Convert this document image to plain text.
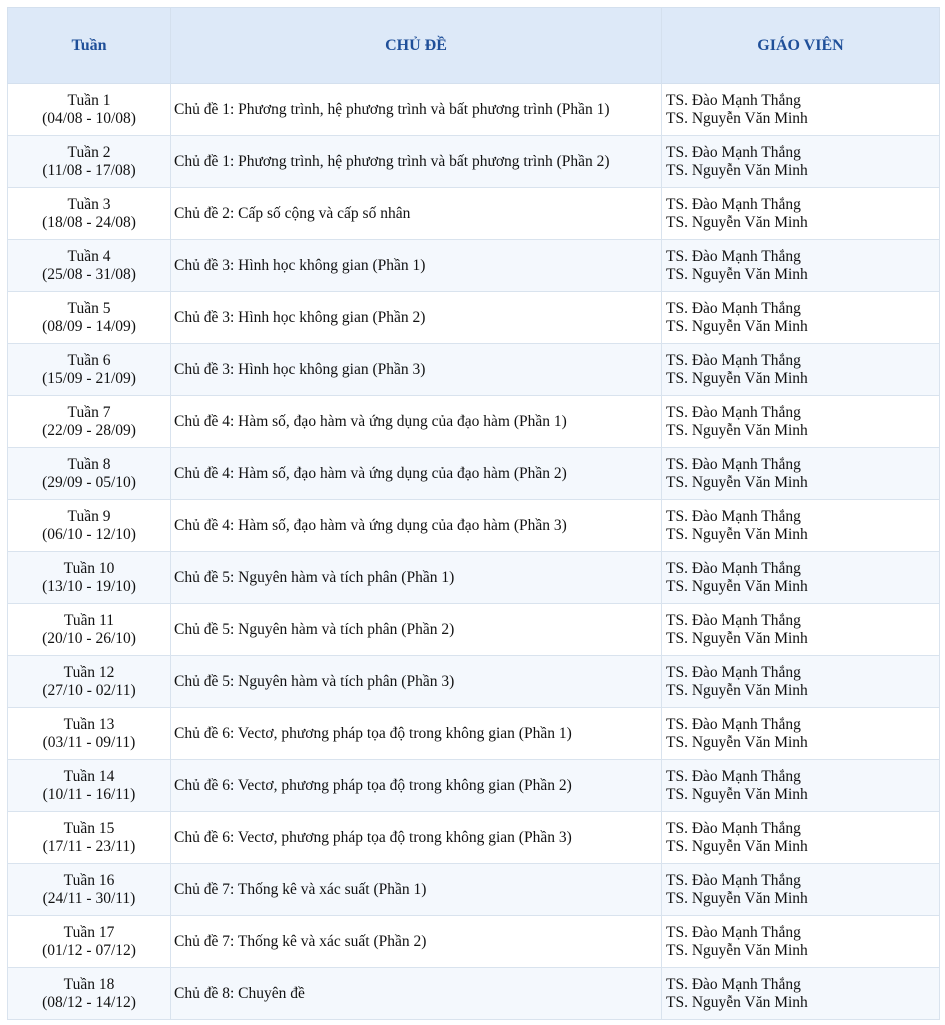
Tuần	CHỦ ĐỀ	GIÁO VIÊN

Tuần 1
(04/08 - 10/08)	Chủ đề 1: Phương trình, hệ phương trình và bất phương trình (Phần 1)	TS. Đào Mạnh Thắng
TS. Nguyễn Văn Minh

Tuần 2
(11/08 - 17/08)	Chủ đề 1: Phương trình, hệ phương trình và bất phương trình (Phần 2)	TS. Đào Mạnh Thắng
TS. Nguyễn Văn Minh

Tuần 3
(18/08 - 24/08)	Chủ đề 2: Cấp số cộng và cấp số nhân	TS. Đào Mạnh Thắng
TS. Nguyễn Văn Minh

Tuần 4
(25/08 - 31/08)	Chủ đề 3: Hình học không gian (Phần 1)	TS. Đào Mạnh Thắng
TS. Nguyễn Văn Minh

Tuần 5
(08/09 - 14/09)	Chủ đề 3: Hình học không gian (Phần 2)	TS. Đào Mạnh Thắng
TS. Nguyễn Văn Minh

Tuần 6
(15/09 - 21/09)	Chủ đề 3: Hình học không gian (Phần 3)	TS. Đào Mạnh Thắng
TS. Nguyễn Văn Minh

Tuần 7
(22/09 - 28/09)	Chủ đề 4: Hàm số, đạo hàm và ứng dụng của đạo hàm (Phần 1)	TS. Đào Mạnh Thắng
TS. Nguyễn Văn Minh

Tuần 8
(29/09 - 05/10)	Chủ đề 4: Hàm số, đạo hàm và ứng dụng của đạo hàm (Phần 2)	TS. Đào Mạnh Thắng
TS. Nguyễn Văn Minh

Tuần 9
(06/10 - 12/10)	Chủ đề 4: Hàm số, đạo hàm và ứng dụng của đạo hàm (Phần 3)	TS. Đào Mạnh Thắng
TS. Nguyễn Văn Minh

Tuần 10
(13/10 - 19/10)	Chủ đề 5: Nguyên hàm và tích phân (Phần 1)	TS. Đào Mạnh Thắng
TS. Nguyễn Văn Minh

Tuần 11
(20/10 - 26/10)	Chủ đề 5: Nguyên hàm và tích phân (Phần 2)	TS. Đào Mạnh Thắng
TS. Nguyễn Văn Minh

Tuần 12
(27/10 - 02/11)	Chủ đề 5: Nguyên hàm và tích phân (Phần 3)	TS. Đào Mạnh Thắng
TS. Nguyễn Văn Minh

Tuần 13
(03/11 - 09/11)	Chủ đề 6: Vectơ, phương pháp tọa độ trong không gian (Phần 1)	TS. Đào Mạnh Thắng
TS. Nguyễn Văn Minh

Tuần 14
(10/11 - 16/11)	Chủ đề 6: Vectơ, phương pháp tọa độ trong không gian (Phần 2)	TS. Đào Mạnh Thắng
TS. Nguyễn Văn Minh

Tuần 15
(17/11 - 23/11)	Chủ đề 6: Vectơ, phương pháp tọa độ trong không gian (Phần 3)	TS. Đào Mạnh Thắng
TS. Nguyễn Văn Minh

Tuần 16
(24/11 - 30/11)	Chủ đề 7: Thống kê và xác suất (Phần 1)	TS. Đào Mạnh Thắng
TS. Nguyễn Văn Minh

Tuần 17
(01/12 - 07/12)	Chủ đề 7: Thống kê và xác suất (Phần 2)	TS. Đào Mạnh Thắng
TS. Nguyễn Văn Minh

Tuần 18
(08/12 - 14/12)	Chủ đề 8: Chuyên đề	TS. Đào Mạnh Thắng
TS. Nguyễn Văn Minh
